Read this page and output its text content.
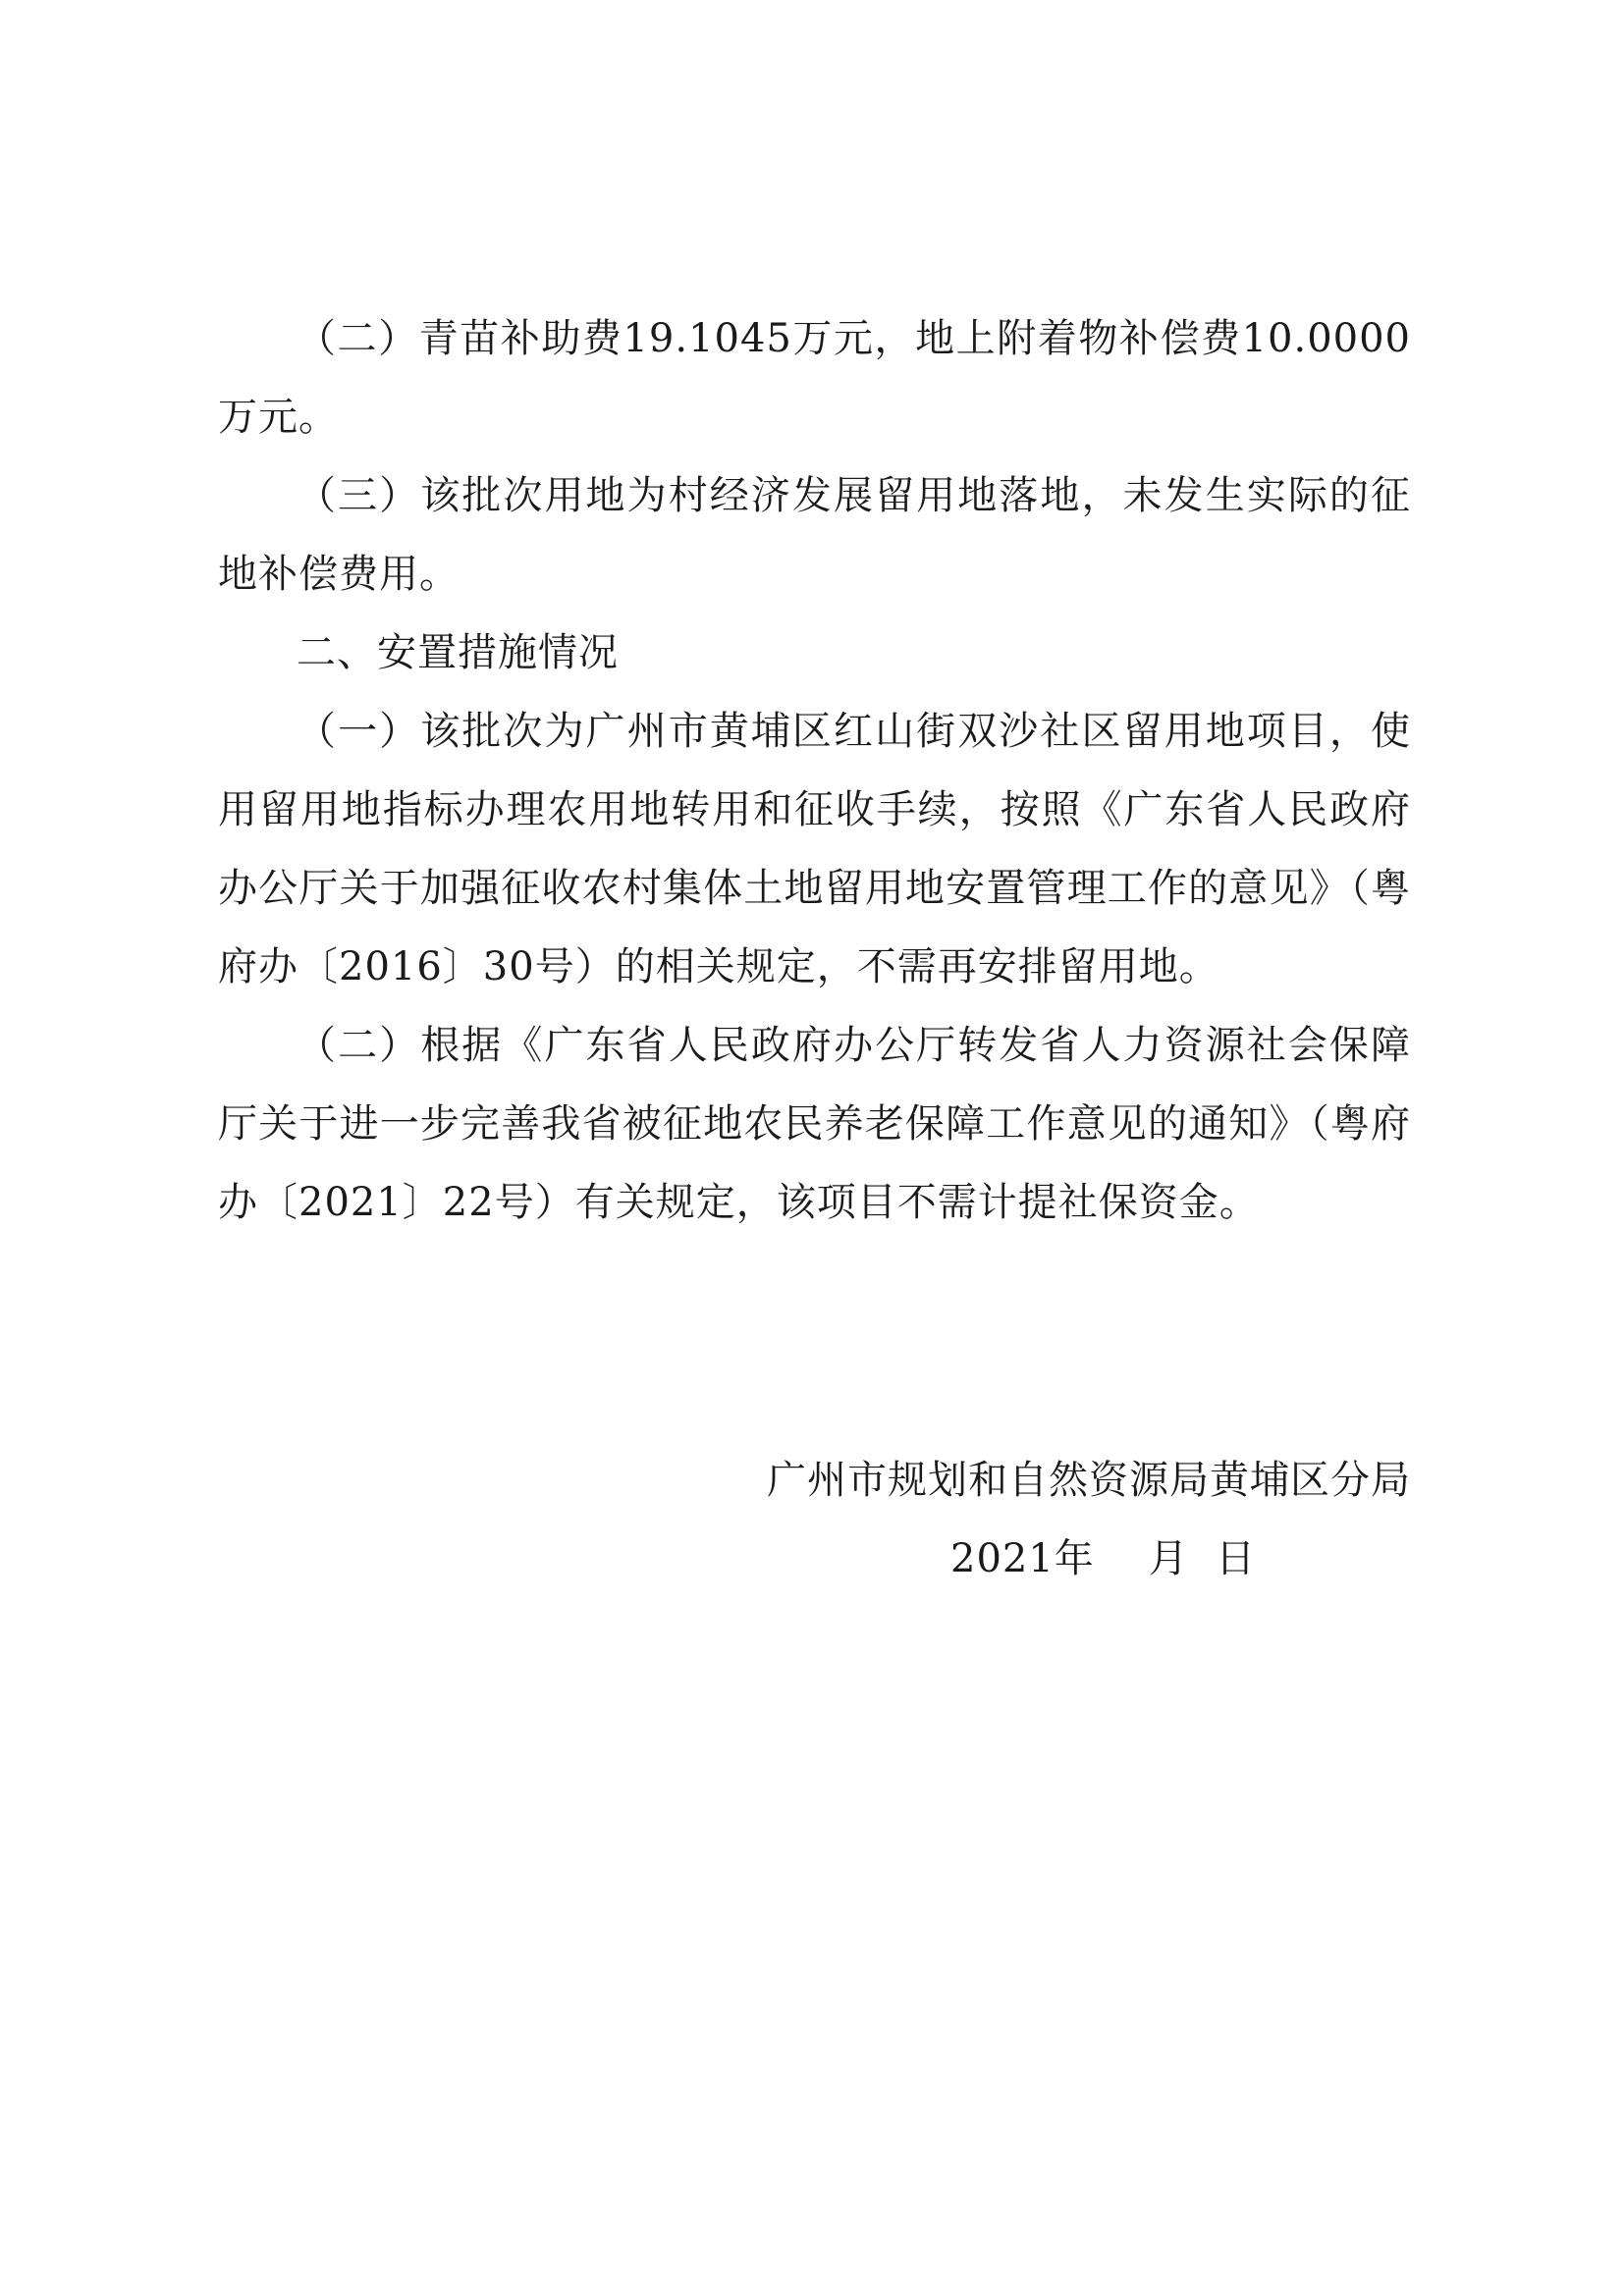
（二）青苗补助费19.1045万元，地上附着物补偿费10.0000万元。

（三）该批次用地为村经济发展留用地落地，未发生实际的征地补偿费用。

二、安置措施情况

（一）该批次为广州市黄埔区红山街双沙社区留用地项目，使用留用地指标办理农用地转用和征收手续，按照《广东省人民政府办公厅关于加强征收农村集体土地留用地安置管理工作的意见》（粤府办〔2016〕30号）的相关规定，不需再安排留用地。

（二）根据《广东省人民政府办公厅转发省人力资源社会保障厅关于进一步完善我省被征地农民养老保障工作意见的通知》（粤府办〔2021〕22号）有关规定，该项目不需计提社保资金。

广州市规划和自然资源局黄埔区分局
2021年    月  日
